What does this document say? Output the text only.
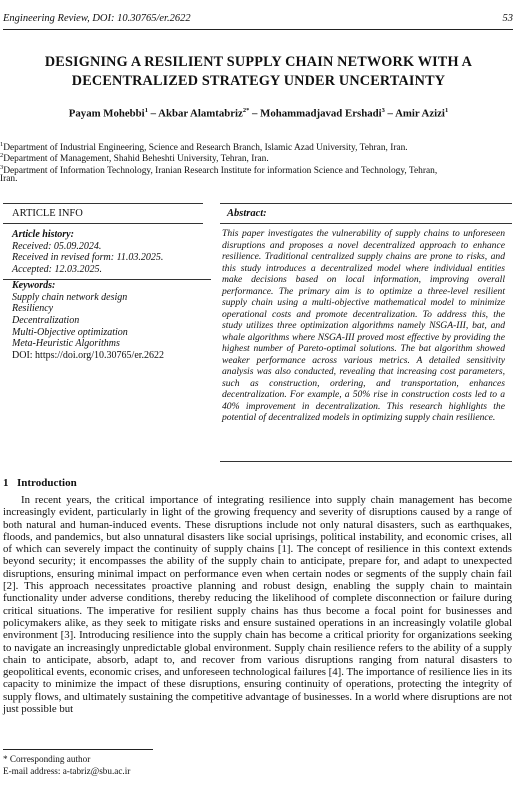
Engineering Review, DOI: 10.30765/er.2622	53
DESIGNING A RESILIENT SUPPLY CHAIN NETWORK WITH A
DECENTRALIZED STRATEGY UNDER UNCERTAINTY
Payam Mohebbi$^1$ – Akbar Alamtabriz$^{2*}$ – Mohammadjavad Ershadi$^3$ – Amir Azizi$^1$
$^1$Department of Industrial Engineering, Science and Research Branch, Islamic Azad University, Tehran, Iran.
$^2$Department of Management, Shahid Beheshti University, Tehran, Iran.
$^3$Department of Information Technology, Iranian Research Institute for information Science and Technology, Tehran,
Iran.
ARTICLE INFO	Abstract:
Article history:
Received: 05.09.2024.
Received in revised form: 11.03.2025.
Accepted: 12.03.2025.
Keywords:
Supply chain network design
Resiliency
Decentralization
Multi-Objective optimization
Meta-Heuristic Algorithms
DOI: https://doi.org/10.30765/er.2622
This paper investigates the vulnerability of supply chains to unforeseen disruptions and proposes a novel decentralized approach to enhance resilience. Traditional centralized supply chains are prone to risks, and this study introduces a decentralized model where individual entities make decisions based on local information, improving overall performance. The primary aim is to optimize a three-level resilient supply chain using a multi-objective mathematical model to minimize operational costs and promote decentralization. To address this, the study utilizes three optimization algorithms namely NSGA-III, bat, and whale algorithms where NSGA-III proved most effective by providing the highest number of Pareto-optimal solutions. The bat algorithm showed weaker performance across various metrics. A detailed sensitivity analysis was also conducted, revealing that increasing cost parameters, such as construction, ordering, and transportation, enhances decentralization. For example, a 50% rise in construction costs led to a 40% improvement in decentralization. This research highlights the potential of decentralized models in optimizing supply chain resilience.
1 Introduction
In recent years, the critical importance of integrating resilience into supply chain management has become increasingly evident, particularly in light of the growing frequency and severity of disruptions caused by a range of both natural and human-induced events. These disruptions include not only natural disasters, such as earthquakes, floods, and pandemics, but also unnatural disasters like social uprisings, political instability, and economic crises, all of which can severely impact the continuity of supply chains [1]. The concept of resilience in this context extends beyond security; it encompasses the ability of the supply chain to anticipate, prepare for, and adapt to unexpected disruptions, ensuring minimal impact on performance even when certain nodes or segments of the supply chain fail [2]. This approach necessitates proactive planning and robust design, enabling the supply chain to maintain functionality under adverse conditions, thereby reducing the likelihood of complete disconnection or failure during critical situations. The imperative for resilient supply chains has thus become a focal point for businesses and policymakers alike, as they seek to mitigate risks and ensure sustained operations in an increasingly volatile global environment [3]. Introducing resilience into the supply chain has become a critical priority for organizations seeking to navigate an increasingly unpredictable global environment. Supply chain resilience refers to the ability of a supply chain to anticipate, absorb, adapt to, and recover from various disruptions ranging from natural disasters to geopolitical events, economic crises, and unforeseen technological failures [4]. The importance of resilience lies in its capacity to minimize the impact of these disruptions, ensuring continuity of operations, protecting the integrity of supply flows, and ultimately sustaining the competitive advantage of businesses. In a world where disruptions are not just possible but
* Corresponding author
E-mail address: a-tabriz@sbu.ac.ir
